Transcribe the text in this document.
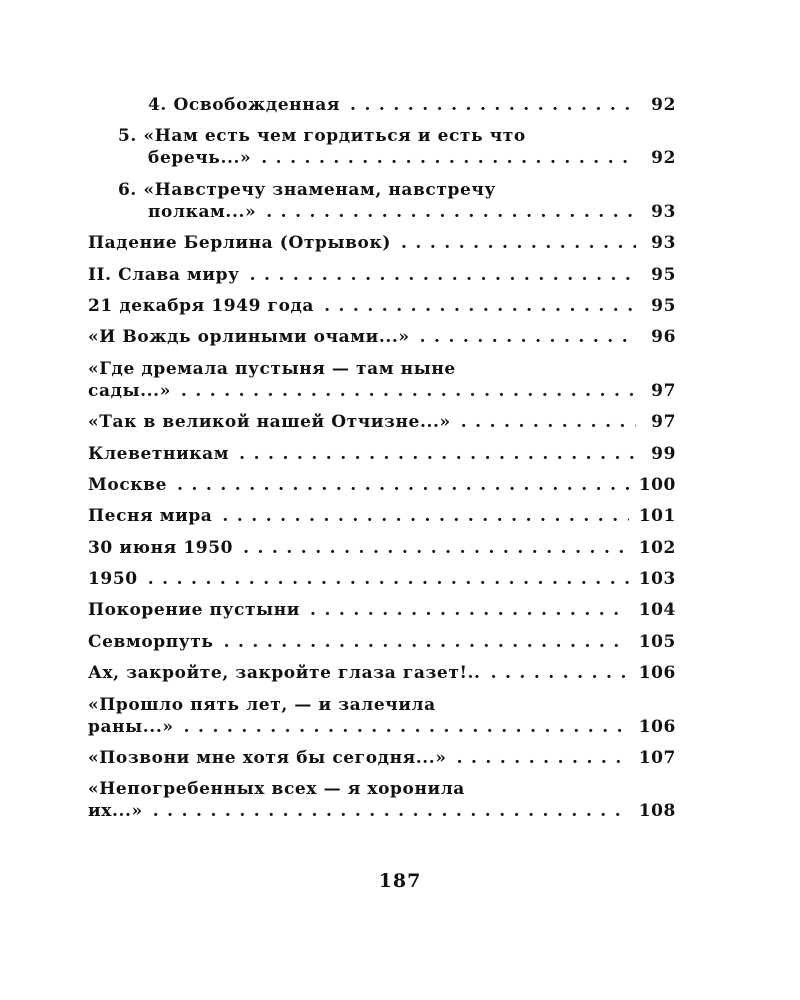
4. Освобожденная . . .	92
5. «Нам есть чем гордиться и есть что
беречь...» . . .	92
6. «Навстречу знаменам, навстречу
полкам...» . . .	93
Падение Берлина (Отрывок) . . .	93
II. Слава миру . . .	95
21 декабря 1949 года . . .	95
«И Вождь орлиными очами...» . . .	96
«Где дремала пустыня — там ныне
сады...» . . .	97
«Так в великой нашей Отчизне...» . . .	97
Клеветникам . . .	99
Москве . . .	100
Песня мира . . .	101
30 июня 1950 . . .	102
1950 . . .	103
Покорение пустыни . . .	104
Севморпуть . . .	105
Ах, закройте, закройте глаза газет!.. . . .	106
«Прошло пять лет, — и залечила
раны...» . . .	106
«Позвони мне хотя бы сегодня...» . . .	107
«Непогребенных всех — я хоронила
их...» . . .	108
187
